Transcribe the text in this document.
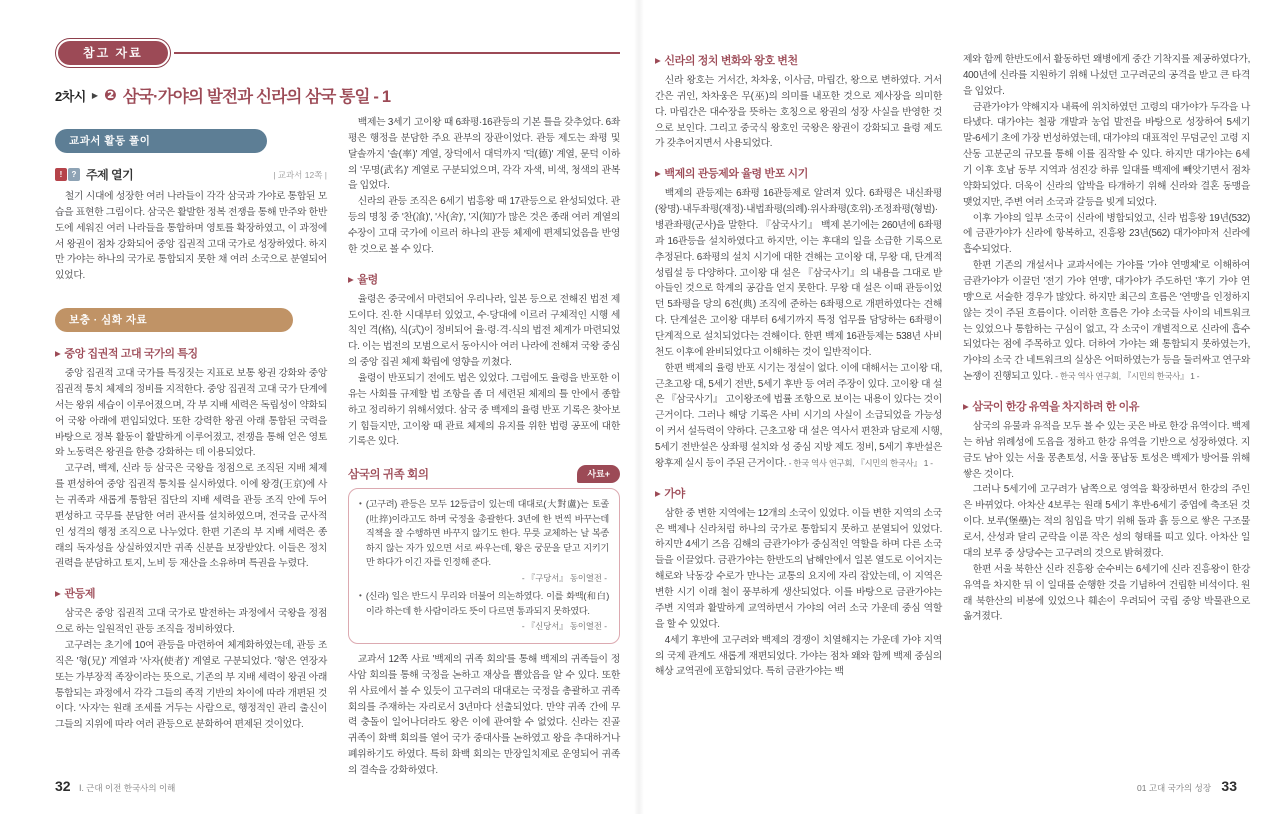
참고 자료
2차시 ▶ ❷ 삼국·가야의 발전과 신라의 삼국 통일 - 1
교과서 활동 풀이
!	? 주제 열기	| 교과서 12쪽 |

철기 시대에 성장한 여러 나라들이 각각 삼국과 가야로 통합된 모습을 표현한 그림이다. 삼국은 활발한 정복 전쟁을 통해 만주와 한반도에 세워진 여러 나라들을 통합하며 영토를 확장하였고, 이 과정에서 왕권이 점차 강화되어 중앙 집권적 고대 국가로 성장하였다. 하지만 가야는 하나의 국가로 통합되지 못한 채 여러 소국으로 분열되어 있었다.

보충 · 심화 자료
▶ 중앙 집권적 고대 국가의 특징

중앙 집권적 고대 국가를 특징짓는 지표로 보통 왕권 강화와 중앙 집권적 통치 체제의 정비를 지적한다. 중앙 집권적 고대 국가 단계에서는 왕위 세습이 이루어졌으며, 각 부 지배 세력은 독립성이 약화되어 국왕 아래에 편입되었다. 또한 강력한 왕권 아래 통합된 국력을 바탕으로 정복 활동이 활발하게 이루어졌고, 전쟁을 통해 얻은 영토와 노동력은 왕권을 한층 강화하는 데 이용되었다.

고구려, 백제, 신라 등 삼국은 국왕을 정점으로 조직된 지배 체제를 편성하여 중앙 집권적 통치를 실시하였다. 이에 왕경(王京)에 사는 귀족과 새롭게 통합된 집단의 지배 세력을 관등 조직 안에 두어 편성하고 국무를 분담한 여러 관서를 설치하였으며, 전국을 군사적인 성격의 행정 조직으로 나누었다. 한편 기존의 부 지배 세력은 종래의 독자성을 상실하였지만 귀족 신분을 보장받았다. 이들은 정치권력을 분담하고 토지, 노비 등 재산을 소유하며 특권을 누렸다.

▶ 관등제

삼국은 중앙 집권적 고대 국가로 발전하는 과정에서 국왕을 정점으로 하는 일원적인 관등 조직을 정비하였다.

고구려는 초기에 10여 관등을 마련하여 체계화하였는데, 관등 조직은 '형(兄)' 계열과 '사자(使者)' 계열로 구분되었다. '형'은 연장자 또는 가부장적 족장이라는 뜻으로, 기존의 부 지배 세력이 왕권 아래 통합되는 과정에서 각각 그들의 족적 기반의 차이에 따라 개편된 것이다. '사자'는 원래 조세를 거두는 사람으로, 행정적인 관리 출신이 그들의 지위에 따라 여러 관등으로 분화하여 편제된 것이었다.

백제는 3세기 고이왕 때 6좌평·16관등의 기본 틀을 갖추었다. 6좌평은 행정을 분담한 주요 관부의 장관이었다. 관등 제도는 좌평 및 달솔까지 '솔(率)' 계열, 장덕에서 대덕까지 '덕(德)' 계열, 문덕 이하의 '무명(武名)' 계열로 구분되었으며, 각각 자색, 비색, 청색의 관복을 입었다.

신라의 관등 조직은 6세기 법흥왕 때 17관등으로 완성되었다. 관등의 명칭 중 '찬(飡)', '사(舍)', '지(知)'가 많은 것은 종래 여러 계열의 수장이 고대 국가에 이르러 하나의 관등 체제에 편제되었음을 반영한 것으로 볼 수 있다.

▶ 율령

율령은 중국에서 마련되어 우리나라, 일본 등으로 전해진 법전 제도이다. 진·한 시대부터 있었고, 수·당대에 이르러 구체적인 시행 세칙인 격(格), 식(式)이 정비되어 율·령·격·식의 법전 체계가 마련되었다. 이는 법전의 모범으로서 동아시아 여러 나라에 전해져 국왕 중심의 중앙 집권 체제 확립에 영향을 끼쳤다.

율령이 반포되기 전에도 법은 있었다. 그럼에도 율령을 반포한 이유는 사회를 규제할 법 조항을 좀 더 세련된 체제의 틀 안에서 종합하고 정리하기 위해서였다. 삼국 중 백제의 율령 반포 기록은 찾아보기 힘들지만, 고이왕 때 관료 체제의 유지를 위한 법령 공포에 대한 기록은 있다.

삼국의 귀족 회의	사료+
• (고구려) 관등은 모두 12등급이 있는데 대대로(大對盧)는 토졸(吐捽)이라고도 하며 국정을 총괄한다. 3년에 한 번씩 바꾸는데 직책을 잘 수행하면 바꾸지 않기도 한다. 무릇 교체하는 날 복종하지 않는 자가 있으면 서로 싸우는데, 왕은 궁문을 닫고 지키기만 하다가 이긴 자를 인정해 준다.
- 『구당서』 동이열전 -
• (신라) 일은 반드시 무리와 더불어 의논하였다. 이를 화백(和白)이라 하는데 한 사람이라도 뜻이 다르면 통과되지 못하였다.
- 『신당서』 동이열전 -

교과서 12쪽 사료 '백제의 귀족 회의'를 통해 백제의 귀족들이 정사암 회의를 통해 국정을 논하고 재상을 뽑았음을 알 수 있다. 또한 위 사료에서 볼 수 있듯이 고구려의 대대로는 국정을 총괄하고 귀족 회의를 주재하는 자리로서 3년마다 선출되었다. 만약 귀족 간에 무력 충돌이 일어나더라도 왕은 이에 관여할 수 없었다. 신라는 진골 귀족이 화백 회의를 열어 국가 중대사를 논하였고 왕을 추대하거나 폐위하기도 하였다. 특히 화백 회의는 만장일치제로 운영되어 귀족의 결속을 강화하였다.

32 Ⅰ. 근대 이전 한국사의 이해
▶ 신라의 정치 변화와 왕호 변천

신라 왕호는 거서간, 차차웅, 이사금, 마립간, 왕으로 변하였다. 거서간은 귀인, 차차웅은 무(巫)의 의미를 내포한 것으로 제사장을 의미한다. 마립간은 대수장을 뜻하는 호칭으로 왕권의 성장 사실을 반영한 것으로 보인다. 그리고 중국식 왕호인 국왕은 왕권이 강화되고 율령 제도가 갖추어지면서 사용되었다.

▶ 백제의 관등제와 율령 반포 시기

백제의 관등제는 6좌평 16관등제로 알려져 있다. 6좌평은 내신좌평(왕명)·내두좌평(재정)·내법좌평(의례)·위사좌평(호위)·조정좌평(형벌)·병관좌평(군사)을 말한다. 『삼국사기』 백제 본기에는 260년에 6좌평과 16관등을 설치하였다고 하지만, 이는 후대의 일을 소급한 기록으로 추정된다. 6좌평의 설치 시기에 대한 견해는 고이왕 대, 무왕 대, 단계적 성립설 등 다양하다. 고이왕 대 설은 『삼국사기』의 내용을 그대로 받아들인 것으로 학계의 공감을 얻지 못한다. 무왕 대 설은 이때 관등이었던 5좌평을 당의 6전(典) 조직에 준하는 6좌평으로 개편하였다는 견해다. 단계설은 고이왕 대부터 6세기까지 특정 업무를 담당하는 6좌평이 단계적으로 설치되었다는 견해이다. 한편 백제 16관등제는 538년 사비 천도 이후에 완비되었다고 이해하는 것이 일반적이다.

한편 백제의 율령 반포 시기는 정설이 없다. 이에 대해서는 고이왕 대, 근초고왕 대, 5세기 전반, 5세기 후반 등 여러 주장이 있다. 고이왕 대 설은 『삼국사기』 고이왕조에 법률 조항으로 보이는 내용이 있다는 것이 근거이다. 그러나 해당 기록은 사비 시기의 사실이 소급되었을 가능성이 커서 설득력이 약하다. 근초고왕 대 설은 역사서 편찬과 담로제 시행, 5세기 전반설은 상좌평 설치와 성 중심 지방 제도 정비, 5세기 후반설은 왕후제 실시 등이 주된 근거이다. - 한국 역사 연구회, 『시민의 한국사』 1 -

▶ 가야

삼한 중 변한 지역에는 12개의 소국이 있었다. 이들 변한 지역의 소국은 백제나 신라처럼 하나의 국가로 통합되지 못하고 분열되어 있었다. 하지만 4세기 즈음 김해의 금관가야가 중심적인 역할을 하며 다른 소국들을 이끌었다. 금관가야는 한반도의 남해안에서 일본 열도로 이어지는 해로와 낙동강 수로가 만나는 교통의 요지에 자리 잡았는데, 이 지역은 변한 시기 이래 철이 풍부하게 생산되었다. 이를 바탕으로 금관가야는 주변 지역과 활발하게 교역하면서 가야의 여러 소국 가운데 중심 역할을 할 수 있었다.

4세기 후반에 고구려와 백제의 경쟁이 치열해지는 가운데 가야 지역의 국제 관계도 새롭게 재편되었다. 가야는 점차 왜와 함께 백제 중심의 해상 교역권에 포함되었다. 특히 금관가야는 백

제와 함께 한반도에서 활동하던 왜병에게 중간 기착지를 제공하였다가, 400년에 신라를 지원하기 위해 나섰던 고구려군의 공격을 받고 큰 타격을 입었다.

금관가야가 약해지자 내륙에 위치하였던 고령의 대가야가 두각을 나타냈다. 대가야는 철광 개발과 농업 발전을 바탕으로 성장하여 5세기 말-6세기 초에 가장 번성하였는데, 대가야의 대표적인 무덤군인 고령 지산동 고분군의 규모를 통해 이를 짐작할 수 있다. 하지만 대가야는 6세기 이후 호남 동부 지역과 섬진강 하류 일대를 백제에 빼앗기면서 점차 약화되었다. 더욱이 신라의 압박을 타개하기 위해 신라와 결혼 동맹을 맺었지만, 주변 여러 소국과 갈등을 빚게 되었다.

이후 가야의 일부 소국이 신라에 병합되었고, 신라 법흥왕 19년(532)에 금관가야가 신라에 항복하고, 진흥왕 23년(562) 대가야마저 신라에 흡수되었다.

한편 기존의 개설서나 교과서에는 가야를 '가야 연맹체'로 이해하여 금관가야가 이끌던 '전기 가야 연맹', 대가야가 주도하던 '후기 가야 연맹'으로 서술한 경우가 많았다. 하지만 최근의 흐름은 '연맹'을 인정하지 않는 것이 주된 흐름이다. 이러한 흐름은 가야 소국들 사이의 네트워크는 있었으나 통합하는 구심이 없고, 각 소국이 개별적으로 신라에 흡수되었다는 점에 주목하고 있다. 더하여 가야는 왜 통합되지 못하였는가, 가야의 소국 간 네트워크의 실상은 어떠하였는가 등을 둘러싸고 연구와 논쟁이 진행되고 있다. - 한국 역사 연구회, 『시민의 한국사』 1 -

▶ 삼국이 한강 유역을 차지하려 한 이유

삼국의 유물과 유적을 모두 볼 수 있는 곳은 바로 한강 유역이다. 백제는 하남 위례성에 도읍을 정하고 한강 유역을 기반으로 성장하였다. 지금도 남아 있는 서울 몽촌토성, 서울 풍납동 토성은 백제가 방어를 위해 쌓은 것이다.

그러나 5세기에 고구려가 남쪽으로 영역을 확장하면서 한강의 주인은 바뀌었다. 아차산 4보루는 원래 5세기 후반-6세기 중엽에 축조된 것이다. 보루(堡壘)는 적의 침입을 막기 위해 돌과 흙 등으로 쌓은 구조물로서, 산성과 달리 군락을 이룬 작은 성의 형태를 띠고 있다. 아차산 일대의 보루 중 상당수는 고구려의 것으로 밝혀졌다.

한편 서울 북한산 신라 진흥왕 순수비는 6세기에 신라 진흥왕이 한강 유역을 차지한 뒤 이 일대를 순행한 것을 기념하여 건립한 비석이다. 원래 북한산의 비봉에 있었으나 훼손이 우려되어 국립 중앙 박물관으로 옮겨졌다.

01 고대 국가의 성장 33
